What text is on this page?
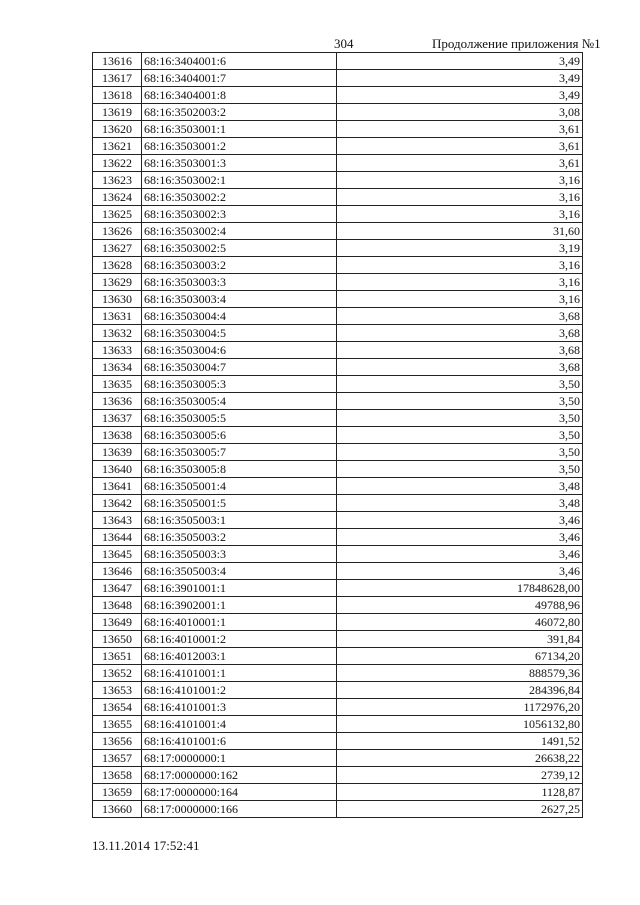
304	Продолжение приложения №1
13616	68:16:3404001:6	3,49
13617	68:16:3404001:7	3,49
13618	68:16:3404001:8	3,49
13619	68:16:3502003:2	3,08
13620	68:16:3503001:1	3,61
13621	68:16:3503001:2	3,61
13622	68:16:3503001:3	3,61
13623	68:16:3503002:1	3,16
13624	68:16:3503002:2	3,16
13625	68:16:3503002:3	3,16
13626	68:16:3503002:4	31,60
13627	68:16:3503002:5	3,19
13628	68:16:3503003:2	3,16
13629	68:16:3503003:3	3,16
13630	68:16:3503003:4	3,16
13631	68:16:3503004:4	3,68
13632	68:16:3503004:5	3,68
13633	68:16:3503004:6	3,68
13634	68:16:3503004:7	3,68
13635	68:16:3503005:3	3,50
13636	68:16:3503005:4	3,50
13637	68:16:3503005:5	3,50
13638	68:16:3503005:6	3,50
13639	68:16:3503005:7	3,50
13640	68:16:3503005:8	3,50
13641	68:16:3505001:4	3,48
13642	68:16:3505001:5	3,48
13643	68:16:3505003:1	3,46
13644	68:16:3505003:2	3,46
13645	68:16:3505003:3	3,46
13646	68:16:3505003:4	3,46
13647	68:16:3901001:1	17848628,00
13648	68:16:3902001:1	49788,96
13649	68:16:4010001:1	46072,80
13650	68:16:4010001:2	391,84
13651	68:16:4012003:1	67134,20
13652	68:16:4101001:1	888579,36
13653	68:16:4101001:2	284396,84
13654	68:16:4101001:3	1172976,20
13655	68:16:4101001:4	1056132,80
13656	68:16:4101001:6	1491,52
13657	68:17:0000000:1	26638,22
13658	68:17:0000000:162	2739,12
13659	68:17:0000000:164	1128,87
13660	68:17:0000000:166	2627,25
13.11.2014 17:52:41
